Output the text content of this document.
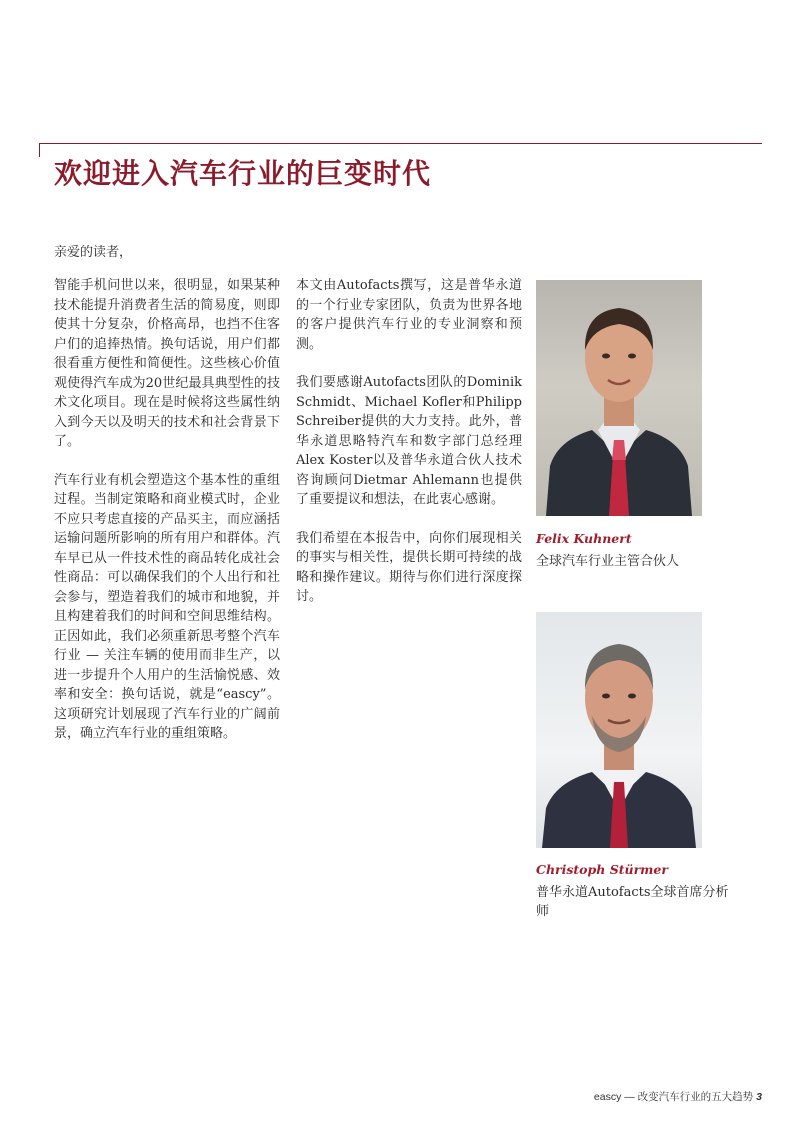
欢迎进入汽车行业的巨变时代
亲爱的读者，

智能手机问世以来，很明显，如果某种技术能提升消费者生活的简易度，则即使其十分复杂，价格高昂，也挡不住客户们的追捧热情。换句话说，用户们都很看重方便性和简便性。这些核心价值观使得汽车成为20世纪最具典型性的技术文化项目。现在是时候将这些属性纳入到今天以及明天的技术和社会背景下了。

汽车行业有机会塑造这个基本性的重组过程。当制定策略和商业模式时，企业不应只考虑直接的产品买主，而应涵括运输问题所影响的所有用户和群体。汽车早已从一件技术性的商品转化成社会性商品：可以确保我们的个人出行和社会参与，塑造着我们的城市和地貌，并且构建着我们的时间和空间思维结构。正因如此，我们必须重新思考整个汽车行业 — 关注车辆的使用而非生产，以进一步提升个人用户的生活愉悦感、效率和安全：换句话说，就是“eascy”。这项研究计划展现了汽车行业的广阔前景，确立汽车行业的重组策略。

本文由Autofacts撰写，这是普华永道的一个行业专家团队，负责为世界各地的客户提供汽车行业的专业洞察和预测。

我们要感谢Autofacts团队的Dominik Schmidt、Michael Kofler和Philipp Schreiber提供的大力支持。此外，普华永道思略特汽车和数字部门总经理Alex Koster以及普华永道合伙人技术咨询顾问Dietmar Ahlemann也提供了重要提议和想法，在此衷心感谢。

我们希望在本报告中，向你们展现相关的事实与相关性，提供长期可持续的战略和操作建议。期待与你们进行深度探讨。

Felix Kuhnert
全球汽车行业主管合伙人
Christoph Stürmer
普华永道Autofacts全球首席分析师
eascy — 改变汽车行业的五大趋势 3
